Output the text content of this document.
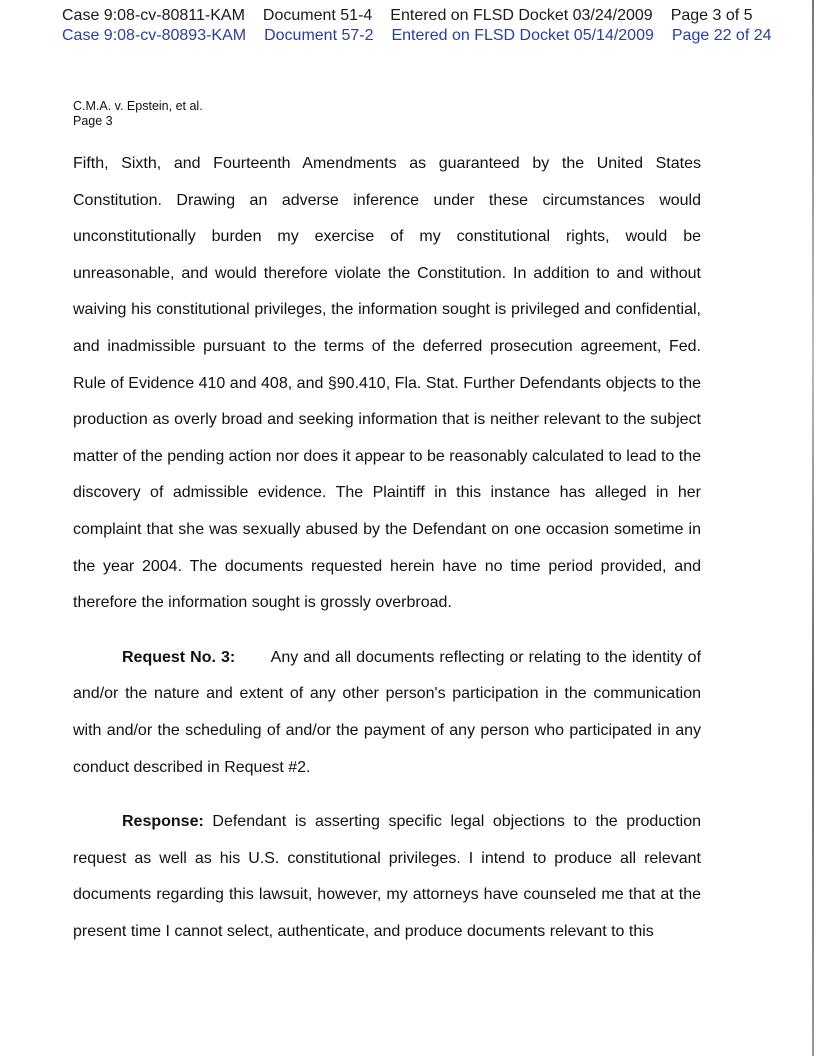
Case 9:08-cv-80811-KAM Document 51-4 Entered on FLSD Docket 03/24/2009 Page 3 of 5
Case 9:08-cv-80893-KAM Document 57-2 Entered on FLSD Docket 05/14/2009 Page 22 of 24
C.M.A. v. Epstein, et al.
Page 3

Fifth, Sixth, and Fourteenth Amendments as guaranteed by the United States Constitution. Drawing an adverse inference under these circumstances would unconstitutionally burden my exercise of my constitutional rights, would be unreasonable, and would therefore violate the Constitution. In addition to and without waiving his constitutional privileges, the information sought is privileged and confidential, and inadmissible pursuant to the terms of the deferred prosecution agreement, Fed. Rule of Evidence 410 and 408, and §90.410, Fla. Stat. Further Defendants objects to the production as overly broad and seeking information that is neither relevant to the subject matter of the pending action nor does it appear to be reasonably calculated to lead to the discovery of admissible evidence. The Plaintiff in this instance has alleged in her complaint that she was sexually abused by the Defendant on one occasion sometime in the year 2004. The documents requested herein have no time period provided, and therefore the information sought is grossly overbroad.

Request No. 3: Any and all documents reflecting or relating to the identity of and/or the nature and extent of any other person's participation in the communication with and/or the scheduling of and/or the payment of any person who participated in any conduct described in Request #2.

Response: Defendant is asserting specific legal objections to the production request as well as his U.S. constitutional privileges. I intend to produce all relevant documents regarding this lawsuit, however, my attorneys have counseled me that at the present time I cannot select, authenticate, and produce documents relevant to this
